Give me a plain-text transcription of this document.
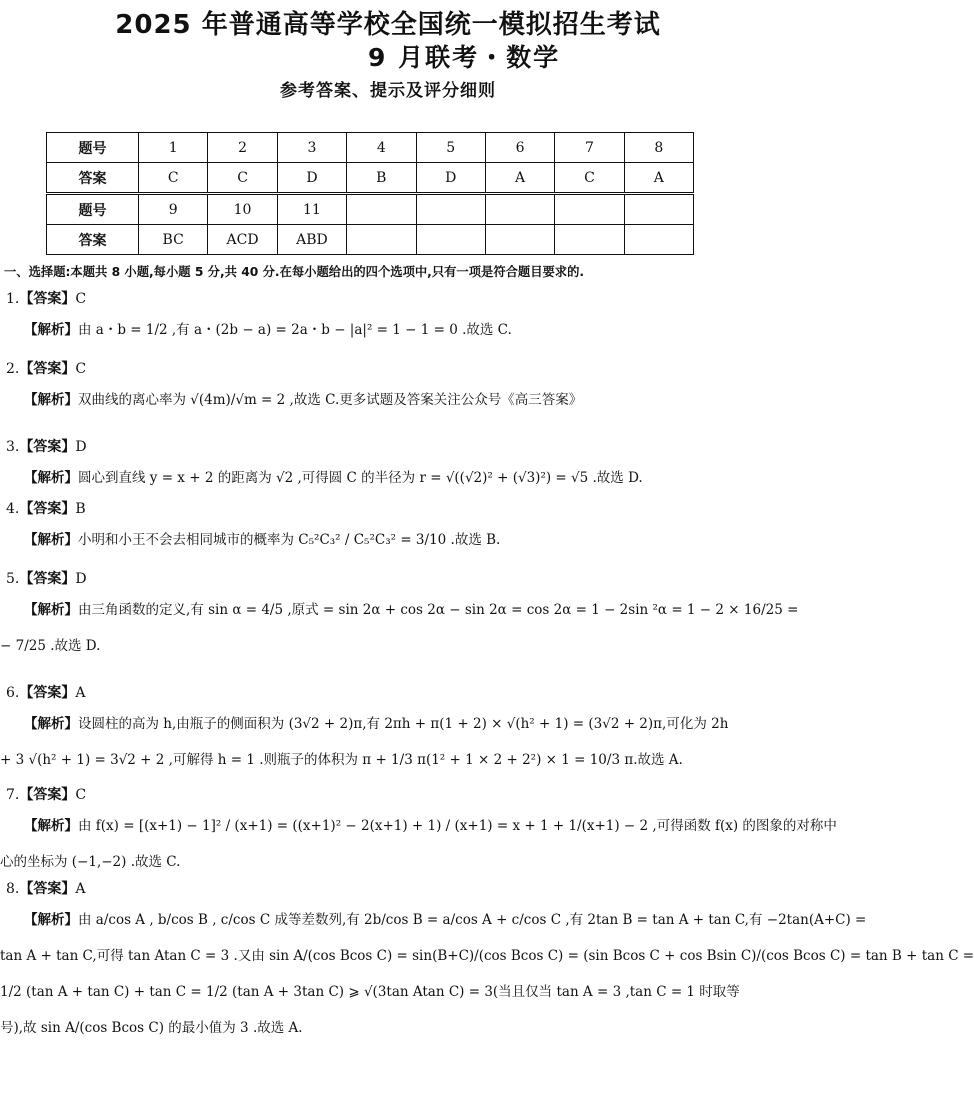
2025 年普通高等学校全国统一模拟招生考试
9 月联考・数学
参考答案、提示及评分细则
题号	1	2	3	4	5	6	7	8
答案	C	C	D	B	D	A	C	A
题号	9	10	11					
答案	BC	ACD	ABD					
一、选择题:本题共 8 小题,每小题 5 分,共 40 分.在每小题给出的四个选项中,只有一项是符合题目要求的.
1.【答案】C
【解析】由 a・b = 1/2 ,有 a・(2b − a) = 2a・b − |a|² = 1 − 1 = 0 .故选 C.
2.【答案】C
【解析】双曲线的离心率为 √(4m)/√m = 2 ,故选 C.更多试题及答案关注公众号《高三答案》
3.【答案】D
【解析】圆心到直线 y = x + 2 的距离为 √2 ,可得圆 C 的半径为 r = √((√2)² + (√3)²) = √5 .故选 D.
4.【答案】B
【解析】小明和小王不会去相同城市的概率为 C₅²C₃² / C₅²C₃² = 3/10 .故选 B.
5.【答案】D
【解析】由三角函数的定义,有 sin α = 4/5 ,原式 = sin 2α + cos 2α − sin 2α = cos 2α = 1 − 2sin ²α = 1 − 2 × 16/25 =
− 7/25 .故选 D.
6.【答案】A
【解析】设圆柱的高为 h,由瓶子的侧面积为 (3√2 + 2)π,有 2πh + π(1 + 2) × √(h² + 1) = (3√2 + 2)π,可化为 2h
+ 3 √(h² + 1) = 3√2 + 2 ,可解得 h = 1 .则瓶子的体积为 π + 1/3 π(1² + 1 × 2 + 2²) × 1 = 10/3 π.故选 A.
7.【答案】C
【解析】由 f(x) = [(x+1) − 1]² / (x+1) = ((x+1)² − 2(x+1) + 1) / (x+1) = x + 1 + 1/(x+1) − 2 ,可得函数 f(x) 的图象的对称中
心的坐标为 (−1,−2) .故选 C.
8.【答案】A
【解析】由 a/cos A , b/cos B , c/cos C 成等差数列,有 2b/cos B = a/cos A + c/cos C ,有 2tan B = tan A + tan C,有 −2tan(A+C) =
tan A + tan C,可得 tan Atan C = 3 .又由 sin A/(cos Bcos C) = sin(B+C)/(cos Bcos C) = (sin Bcos C + cos Bsin C)/(cos Bcos C) = tan B + tan C =
1/2 (tan A + tan C) + tan C = 1/2 (tan A + 3tan C) ⩾ √(3tan Atan C) = 3(当且仅当 tan A = 3 ,tan C = 1 时取等
号),故 sin A/(cos Bcos C) 的最小值为 3 .故选 A.
